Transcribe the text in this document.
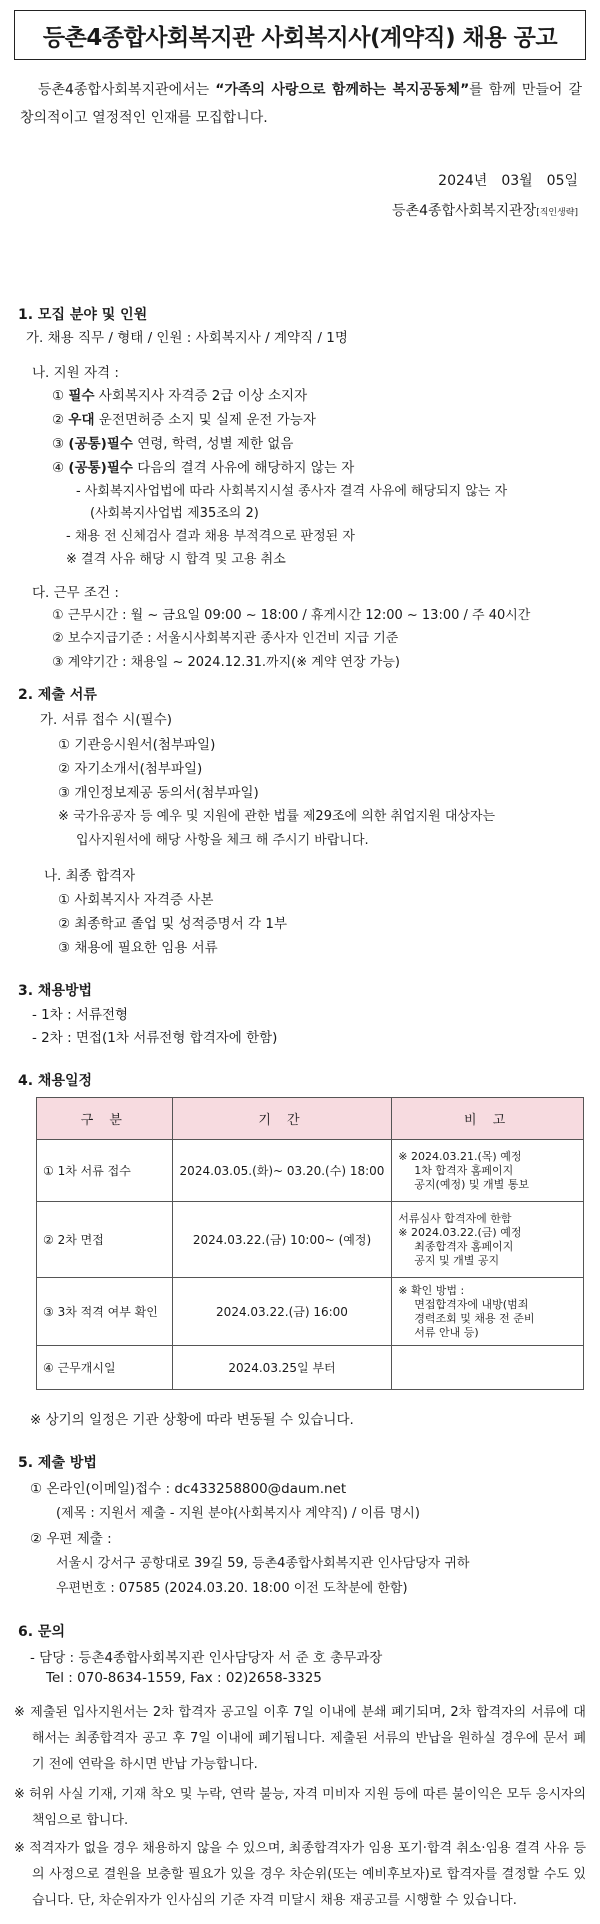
등촌4종합사회복지관 사회복지사(계약직) 채용 공고

등촌4종합사회복지관에서는 “가족의 사랑으로 함께하는 복지공동체”를 함께 만들어 갈 창의적이고 열정적인 인재를 모집합니다.

2024년 03월 05일
등촌4종합사회복지관장[직인생략]
1. 모집 분야 및 인원
가. 채용 직무 / 형태 / 인원 : 사회복지사 / 계약직 / 1명
나. 지원 자격 :
① 필수 사회복지사 자격증 2급 이상 소지자
② 우대 운전면허증 소지 및 실제 운전 가능자
③ (공통)필수 연령, 학력, 성별 제한 없음
④ (공통)필수 다음의 결격 사유에 해당하지 않는 자
- 사회복지사업법에 따라 사회복지시설 종사자 결격 사유에 해당되지 않는 자
(사회복지사업법 제35조의 2)
- 채용 전 신체검사 결과 채용 부적격으로 판정된 자
※ 결격 사유 해당 시 합격 및 고용 취소
다. 근무 조건 :
① 근무시간 : 월 ~ 금요일 09:00 ~ 18:00 / 휴게시간 12:00 ~ 13:00 / 주 40시간
② 보수지급기준 : 서울시사회복지관 종사자 인건비 지급 기준
③ 계약기간 : 채용일 ~ 2024.12.31.까지(※ 계약 연장 가능)
2. 제출 서류
가. 서류 접수 시(필수)
① 기관응시원서(첨부파일)
② 자기소개서(첨부파일)
③ 개인정보제공 동의서(첨부파일)
※ 국가유공자 등 예우 및 지원에 관한 법률 제29조에 의한 취업지원 대상자는
입사지원서에 해당 사항을 체크 해 주시기 바랍니다.
나. 최종 합격자
① 사회복지사 자격증 사본
② 최종학교 졸업 및 성적증명서 각 1부
③ 채용에 필요한 임용 서류
3. 채용방법
- 1차 : 서류전형
- 2차 : 면접(1차 서류전형 합격자에 한함)
4. 채용일정
구 분	기 간	비 고
① 1차 서류 접수	2024.03.05.(화)~ 03.20.(수) 18:00	※ 2024.03.21.(목) 예정

1차 합격자 홈페이지
공지(예정) 및 개별 통보

② 2차 면접	2024.03.22.(금) 10:00~ (예정)	서류심사 합격자에 한함
※ 2024.03.22.(금) 예정
최종합격자 홈페이지
공지 및 개별 공지

③ 3차 적격 여부 확인	2024.03.22.(금) 16:00	※ 확인 방법 :

면접합격자에 내방(범죄
경력조회 및 채용 전 준비
서류 안내 등)

④ 근무개시일	2024.03.25일 부터	
※ 상기의 일정은 기관 상황에 따라 변동될 수 있습니다.
5. 제출 방법
① 온라인(이메일)접수 : dc433258800@daum.net
(제목 : 지원서 제출 - 지원 분야(사회복지사 계약직) / 이름 명시)
② 우편 제출 :
서울시 강서구 공항대로 39길 59, 등촌4종합사회복지관 인사담당자 귀하
우편번호 : 07585 (2024.03.20. 18:00 이전 도착분에 한함)
6. 문의
- 담당 : 등촌4종합사회복지관 인사담당자 서 준 호 총무과장
Tel : 070-8634-1559, Fax : 02)2658-3325

※ 제출된 입사지원서는 2차 합격자 공고일 이후 7일 이내에 분쇄 폐기되며, 2차 합격자의 서류에 대해서는 최종합격자 공고 후 7일 이내에 폐기됩니다. 제출된 서류의 반납을 원하실 경우에 문서 폐기 전에 연락을 하시면 반납 가능합니다.

※ 허위 사실 기재, 기재 착오 및 누락, 연락 불능, 자격 미비자 지원 등에 따른 불이익은 모두 응시자의 책임으로 합니다.

※ 적격자가 없을 경우 채용하지 않을 수 있으며, 최종합격자가 임용 포기·합격 취소·임용 결격 사유 등의 사정으로 결원을 보충할 필요가 있을 경우 차순위(또는 예비후보자)로 합격자를 결정할 수도 있습니다. 단, 차순위자가 인사심의 기준 자격 미달시 채용 재공고를 시행할 수 있습니다.
